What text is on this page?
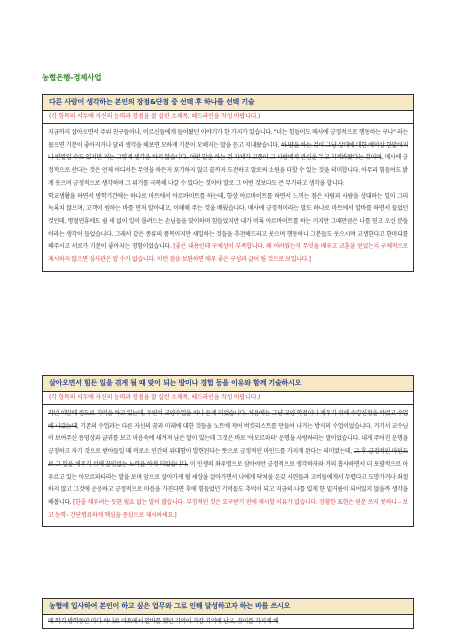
농협은행-경제사업
다른 사람이 생각하는 본인의 장점&단점 중 선택 후 하나를 선택 기술
(각 항목의 서두에 자신의 능력과 장점을 잘 살린 소제목, 헤드라인을 작성 바랍니다.)
지금까지 살아오면서 주위 친구들이나, 어르신들에게 들어왔던 이야기가 한 가지가 있습니다. "너는 힘들어도 매사에 긍정적으로 행동하는 구나" 라는 물으면 기분이 좋아지거나 달리 생각을 해보면 모하게 기분이 모해지는 말을 듣고 지내왔습니다. 하 땀을 하는 것이 그냥 상대에 대한 예의상 한말이거나 반말일 수도 있지만 저는 그렇게 생각을 하지 않습니다. 어떤 말을 하는 것 자체가 고통이 그 사람에게 관심을 두고 지켜봐왔다는 것이며, 매사에 긍정적으로 산다는 것은 언제 어디서든 무엇을 하든지 포기하지 않고 끝까지 도전하고 말로써 소원을 다할 수 있는 것을 의미합니다. 아무리 힘들어도 밝게 웃으며 긍정적으로 생각하며 그 위기를 극복해 나갈 수 있다는 것이야 말로 그 어떤 것보다도 큰 무기라고 생각을 합니다.
학교생활을 하면서 방학기간에는 하나로 마트에서 아르바이트를 하는데, 항상 아르바이트를 하면서 느끼는 점은 사람과 사람을 상대하는 일이 그리 녹록치 않으며, 고객이 원하는 바를 먼저 알아내고, 이해해 주는 것을 배웠습니다. 매사에 긍정적이라는 말도 하나로 마트에서 알바를 하면서 들었던 것인데, 명절연휴에도 쉴 새 없이 일이 몰려드는 손님들을 맞이하며 힘들었지만 내가 비록 아르바이트를 하는 거지만 그때만큼은 나를 믿고 오신 분들이라는 생각이 들었습니다. 그래서 같은 종류의 품목이지만 세일하는 것들을 추천해드리고 웃으며 행동하니 그분들도 웃으시며 고생한다고 한마디를 해주시고 서로가 기분이 좋아지는 경험이었습니다. [좋은 내용인데 구체성이 부족합니다. 왜 어려웠는지 무엇을 배우고 교훈을 얻었는지 구체적으로 제시하지 않으면 심사관은 알 수가 없습니다. 이런 점을 보완하면 매우 좋은 구성과 글이 될 것으로 보입니다.]
살아오면서 힘든 일을 겪게 될 때 맞이 되는 방미나 경험 등을 이유와 함께 기술하시오
(각 항목의 서두에 자신의 능력과 장점을 잘 살린 소제목, 헤드라인을 작성 바랍니다.)
작년 이맘때 정도로 기억을 하고 있는데, 우연히 교양수업을 하나 듣게 되었습니다. 처음에는 그냥 교양 학점이나 채우기 위해 수강신청을 하였고 수업에 나갔는데, 기존의 수업과는 다른 자신의 꿈과 미래에 대한 것들을 노트에 적어 버킷리스트를 만들어 나가는 방식의 수업이었습니다. 거기서 교수님이 보여주신 동영상과 글귀를 보고 마음속에 새겨져 남은 말이 있는데 그것은 바로 '아모르파티' 운명을 사랑하라는 말이었습니다. 내게 주어진 운명을 긍정하고 자기 것으로 받아들일 때 비로소 인간의 위대함이 발현된다는 뜻으로 긍정적인 마인드를 가지게 된다는 의미였는데, 그 후 긍정적인 마인드로 그 일을 채우기 위해 끊임없는 노력을 하게 되었습니다. 이 인생의 좌우명으로 삼아야만 긍정적으로 생각하자와 거의 흡사하면서 더 포괄적으로 아우르고 있는 아모르파티라는 말을 보며 앞으로 살아가게 될 세상을 살아가면서 나에게 닥쳐올 온갖 시련들과 고비들에게서 두렵다고 도망가거나 좌절하지 않고 그것에 순응하고 긍정적으로 마음을 가진다면 후에 힘들었던 기억들도 추억이 되고 지금의 나를 있게 한 밑거름이 되어있지 않을까 생각을 해봅니다. [한줄 채우려는 듯한 필요 없는 말이 많습니다. 부정적인 것은 요구받기 전에 제시할 이유가 없습니다. 장황한 표현은 원문 쓰지 못하니 – 보고 농학– 간단명료하게 핵심을 중심으로 제시하세요.]
농협에 입사하여 본인이 하고 싶은 업무와 그로 인해 달성하고자 하는 바를 쓰시오
매 학기 방학동안 마다 하나로 마트에서 알바를 했던 기억이 가장 기억에 남고, 꿈이를 가지게 해
